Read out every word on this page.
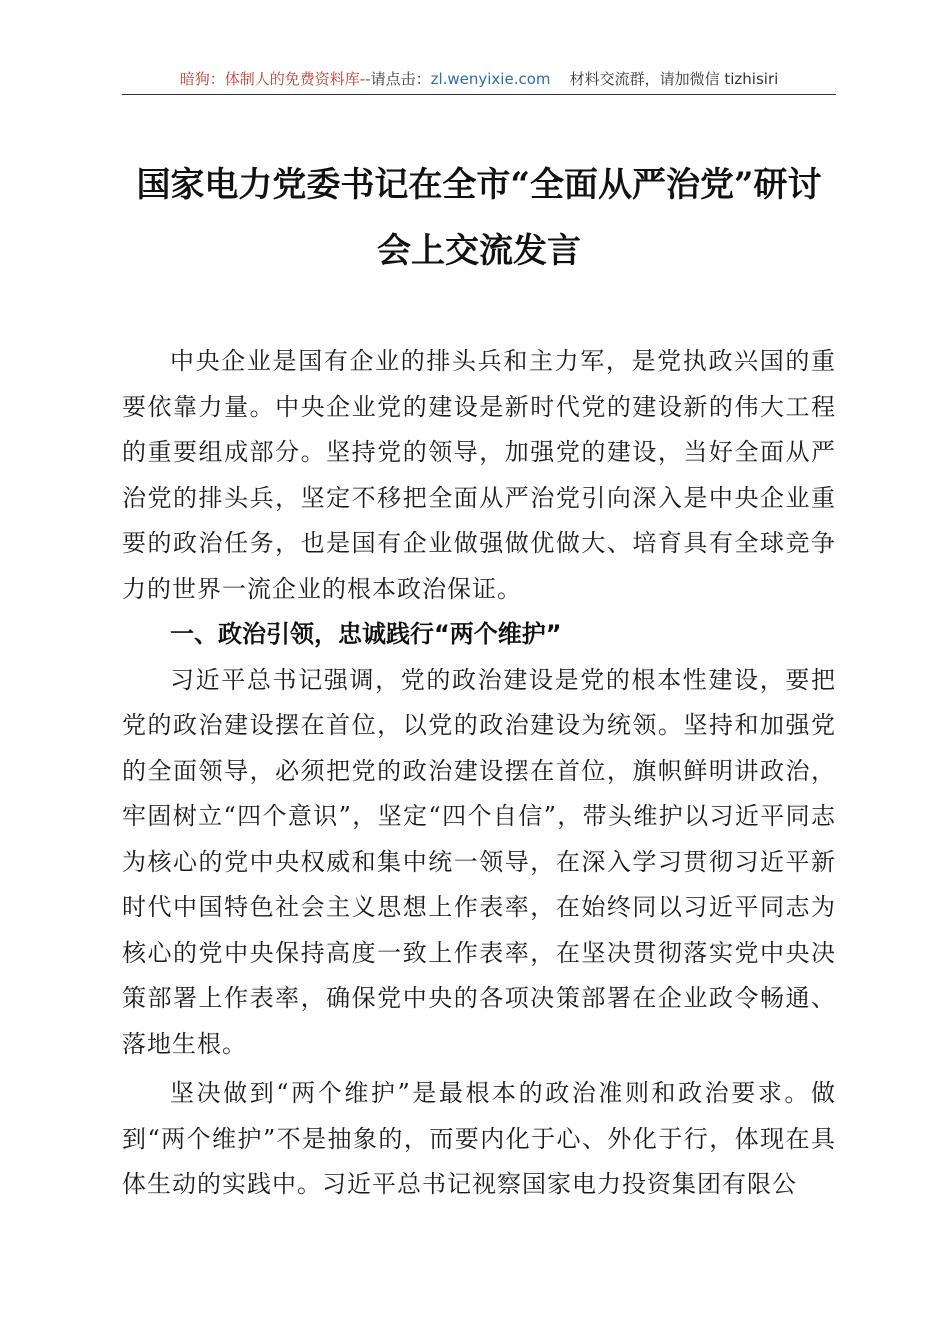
暗狗：体制人的免费资料库--请点击：zl.wenyixie.com 材料交流群，请加微信 tizhisiri
国家电力党委书记在全市“全面从严治党”研讨会上交流发言

中央企业是国有企业的排头兵和主力军，是党执政兴国的重要依靠力量。中央企业党的建设是新时代党的建设新的伟大工程的重要组成部分。坚持党的领导，加强党的建设，当好全面从严治党的排头兵，坚定不移把全面从严治党引向深入是中央企业重要的政治任务，也是国有企业做强做优做大、培育具有全球竞争力的世界一流企业的根本政治保证。

一、政治引领，忠诚践行“两个维护”

习近平总书记强调，党的政治建设是党的根本性建设，要把党的政治建设摆在首位，以党的政治建设为统领。坚持和加强党的全面领导，必须把党的政治建设摆在首位，旗帜鲜明讲政治，牢固树立“四个意识”，坚定“四个自信”，带头维护以习近平同志为核心的党中央权威和集中统一领导，在深入学习贯彻习近平新时代中国特色社会主义思想上作表率，在始终同以习近平同志为核心的党中央保持高度一致上作表率，在坚决贯彻落实党中央决策部署上作表率，确保党中央的各项决策部署在企业政令畅通、落地生根。

坚决做到“两个维护”是最根本的政治准则和政治要求。做到“两个维护”不是抽象的，而要内化于心、外化于行，体现在具体生动的实践中。习近平总书记视察国家电力投资集团有限公
